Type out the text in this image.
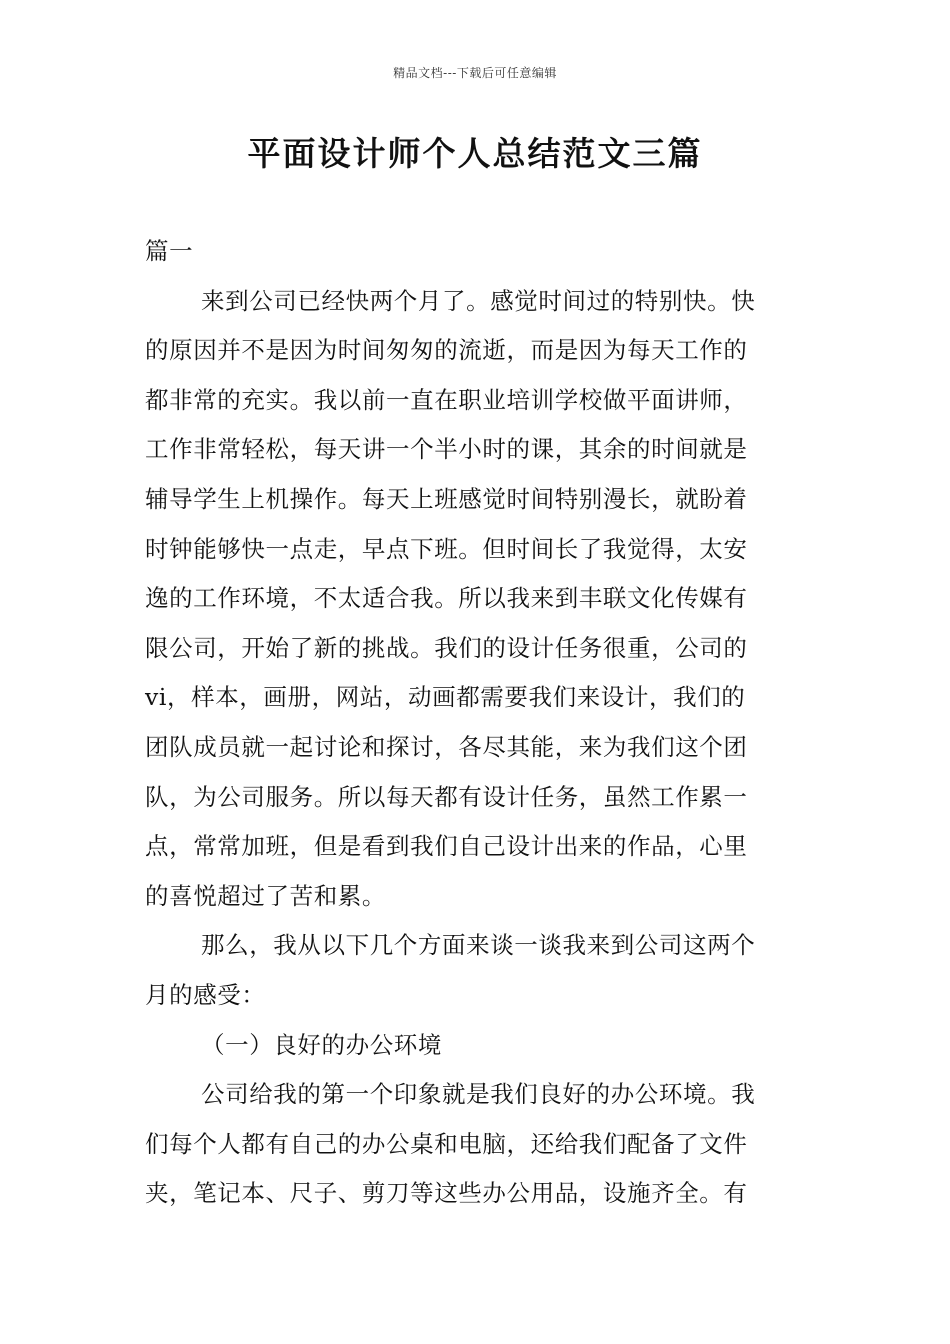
精品文档---下载后可任意编辑
平面设计师个人总结范文三篇
篇一
来到公司已经快两个月了。感觉时间过的特别快。快
的原因并不是因为时间匆匆的流逝，而是因为每天工作的
都非常的充实。我以前一直在职业培训学校做平面讲师，
工作非常轻松，每天讲一个半小时的课，其余的时间就是
辅导学生上机操作。每天上班感觉时间特别漫长，就盼着
时钟能够快一点走，早点下班。但时间长了我觉得，太安
逸的工作环境，不太适合我。所以我来到丰联文化传媒有
限公司，开始了新的挑战。我们的设计任务很重，公司的
vi，样本，画册，网站，动画都需要我们来设计，我们的
团队成员就一起讨论和探讨，各尽其能，来为我们这个团
队，为公司服务。所以每天都有设计任务，虽然工作累一
点，常常加班，但是看到我们自己设计出来的作品，心里
的喜悦超过了苦和累。
那么，我从以下几个方面来谈一谈我来到公司这两个
月的感受：
（一）良好的办公环境
公司给我的第一个印象就是我们良好的办公环境。我
们每个人都有自己的办公桌和电脑，还给我们配备了文件
夹，笔记本、尺子、剪刀等这些办公用品，设施齐全。有
